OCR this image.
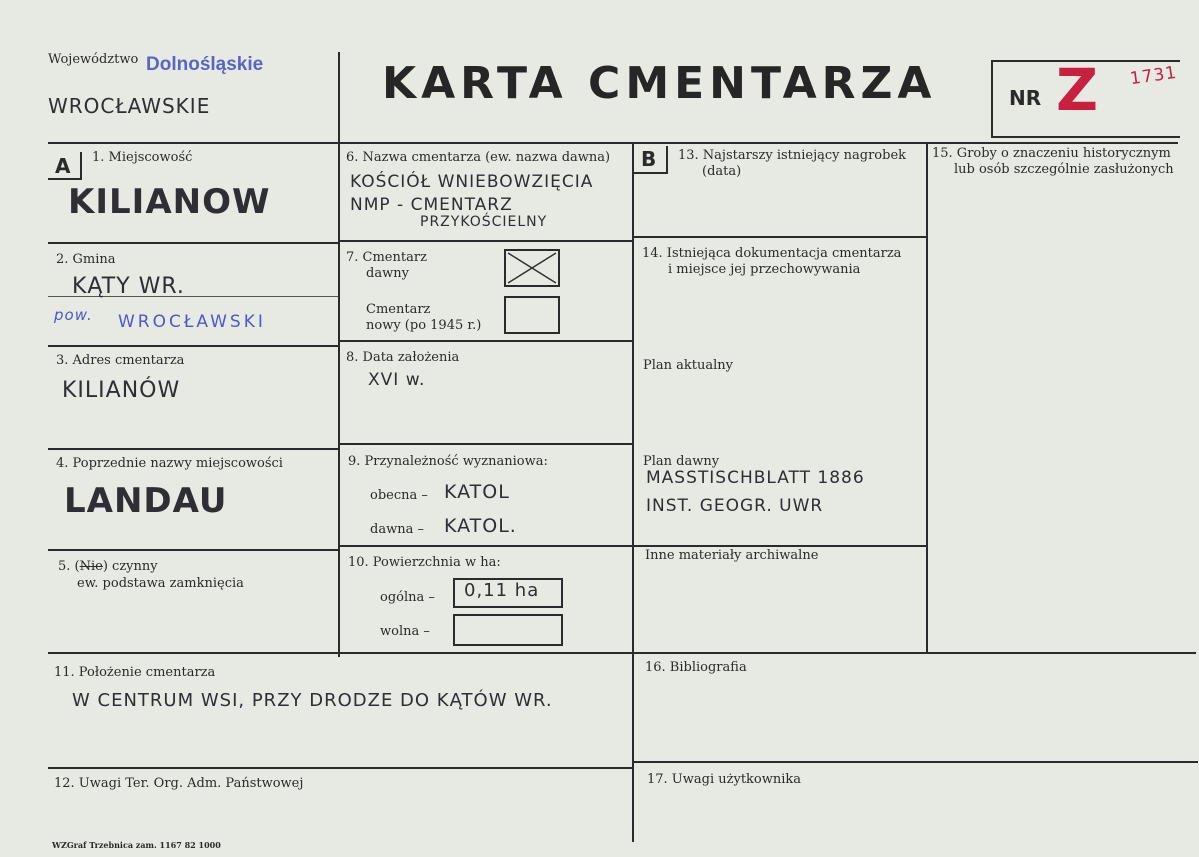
Województwo Dolnośląskie
WROCŁAWSKIE	KARTA CMENTARZA	NR Z 1731
A 1. Miejscowość
KILIANOW
2. Gmina
KĄTY WR.
pow. WROCŁAWSKI
3. Adres cmentarza
KILIANÓW
4. Poprzednie nazwy miejscowości
LANDAU
5. (Nie) czynny
ew. podstawa zamknięcia
6. Nazwa cmentarza (ew. nazwa dawna)
KOŚCIÓŁ WNIEBOWZIĘCIA
NMP - CMENTARZ
PRZYKOŚCIELNY
7. Cmentarz
dawny
Cmentarz
nowy (po 1945 r.)
8. Data założenia
XVI w.
9. Przynależność wyznaniowa:
obecna – KATOL
dawna – KATOL.
10. Powierzchnia w ha:
ogólna – 0,11 ha
wolna –
B 13. Najstarszy istniejący nagrobek
(data)
14. Istniejąca dokumentacja cmentarza
i miejsce jej przechowywania
Plan aktualny
Plan dawny
MASSTISCHBLATT 1886
INST. GEOGR. UWR
Inne materiały archiwalne
15. Groby o znaczeniu historycznym
lub osób szczególnie zasłużonych
11. Położenie cmentarza
W CENTRUM WSI, PRZY DRODZE DO KĄTÓW WR.
12. Uwagi Ter. Org. Adm. Państwowej
16. Bibliografia
17. Uwagi użytkownika
WZGraf Trzebnica zam. 1167 82 1000
